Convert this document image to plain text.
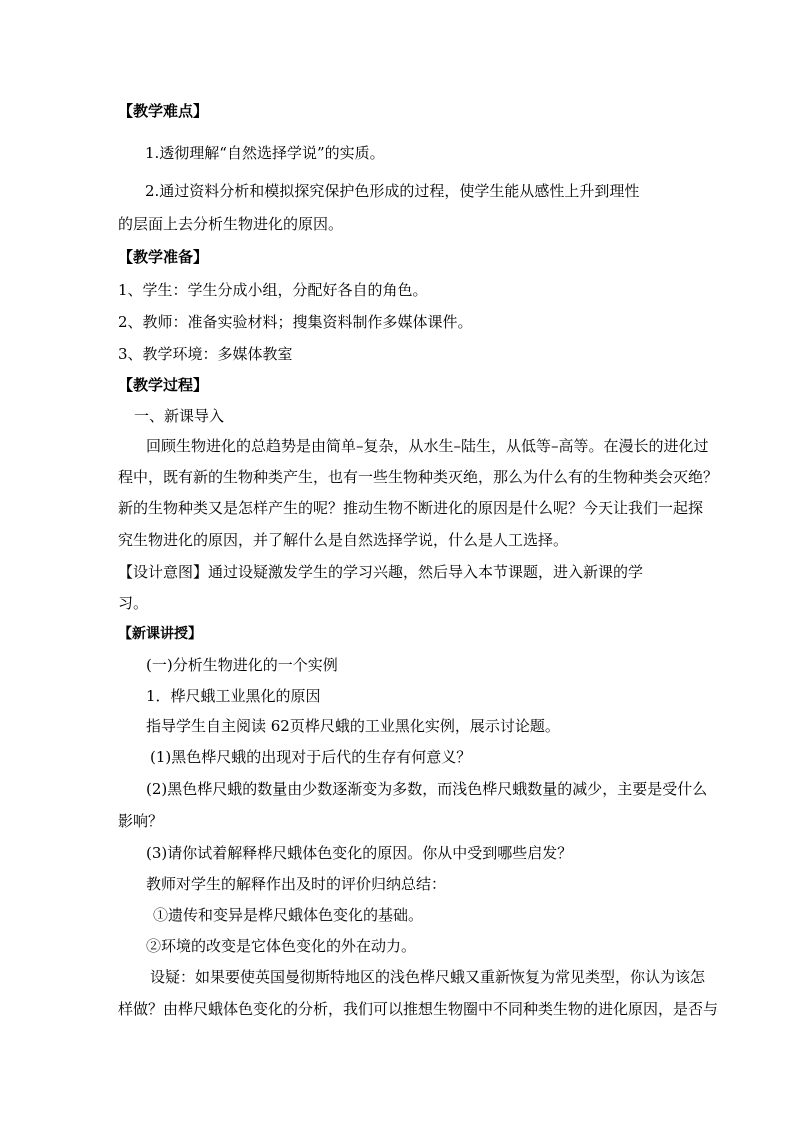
【教学难点】
1.透彻理解“自然选择学说”的实质。
2.通过资料分析和模拟探究保护色形成的过程，使学生能从感性上升到理性
的层面上去分析生物进化的原因。
【教学准备】
1、学生：学生分成小组，分配好各自的角色。
2、教师：准备实验材料；搜集资料制作多媒体课件。
3、教学环境：多媒体教室
【教学过程】
一、新课导入
回顾生物进化的总趋势是由简单–复杂，从水生–陆生，从低等–高等。在漫长的进化过
程中，既有新的生物种类产生，也有一些生物种类灭绝，那么为什么有的生物种类会灭绝？
新的生物种类又是怎样产生的呢？推动生物不断进化的原因是什么呢？今天让我们一起探
究生物进化的原因，并了解什么是自然选择学说，什么是人工选择。
【设计意图】通过设疑激发学生的学习兴趣，然后导入本节课题，进入新课的学
习。
【新课讲授】
(一)分析生物进化的一个实例
1．桦尺蛾工业黑化的原因
指导学生自主阅读 62页桦尺蛾的工业黑化实例，展示讨论题。
(1)黑色桦尺蛾的出现对于后代的生存有何意义？
(2)黑色桦尺蛾的数量由少数逐渐变为多数，而浅色桦尺蛾数量的减少，主要是受什么
影响？
(3)请你试着解释桦尺蛾体色变化的原因。你从中受到哪些启发？
教师对学生的解释作出及时的评价归纳总结：
①遗传和变异是桦尺蛾体色变化的基础。
②环境的改变是它体色变化的外在动力。
设疑：如果要使英国曼彻斯特地区的浅色桦尺蛾又重新恢复为常见类型，你认为该怎
样做？由桦尺蛾体色变化的分析，我们可以推想生物圈中不同种类生物的进化原因，是否与
